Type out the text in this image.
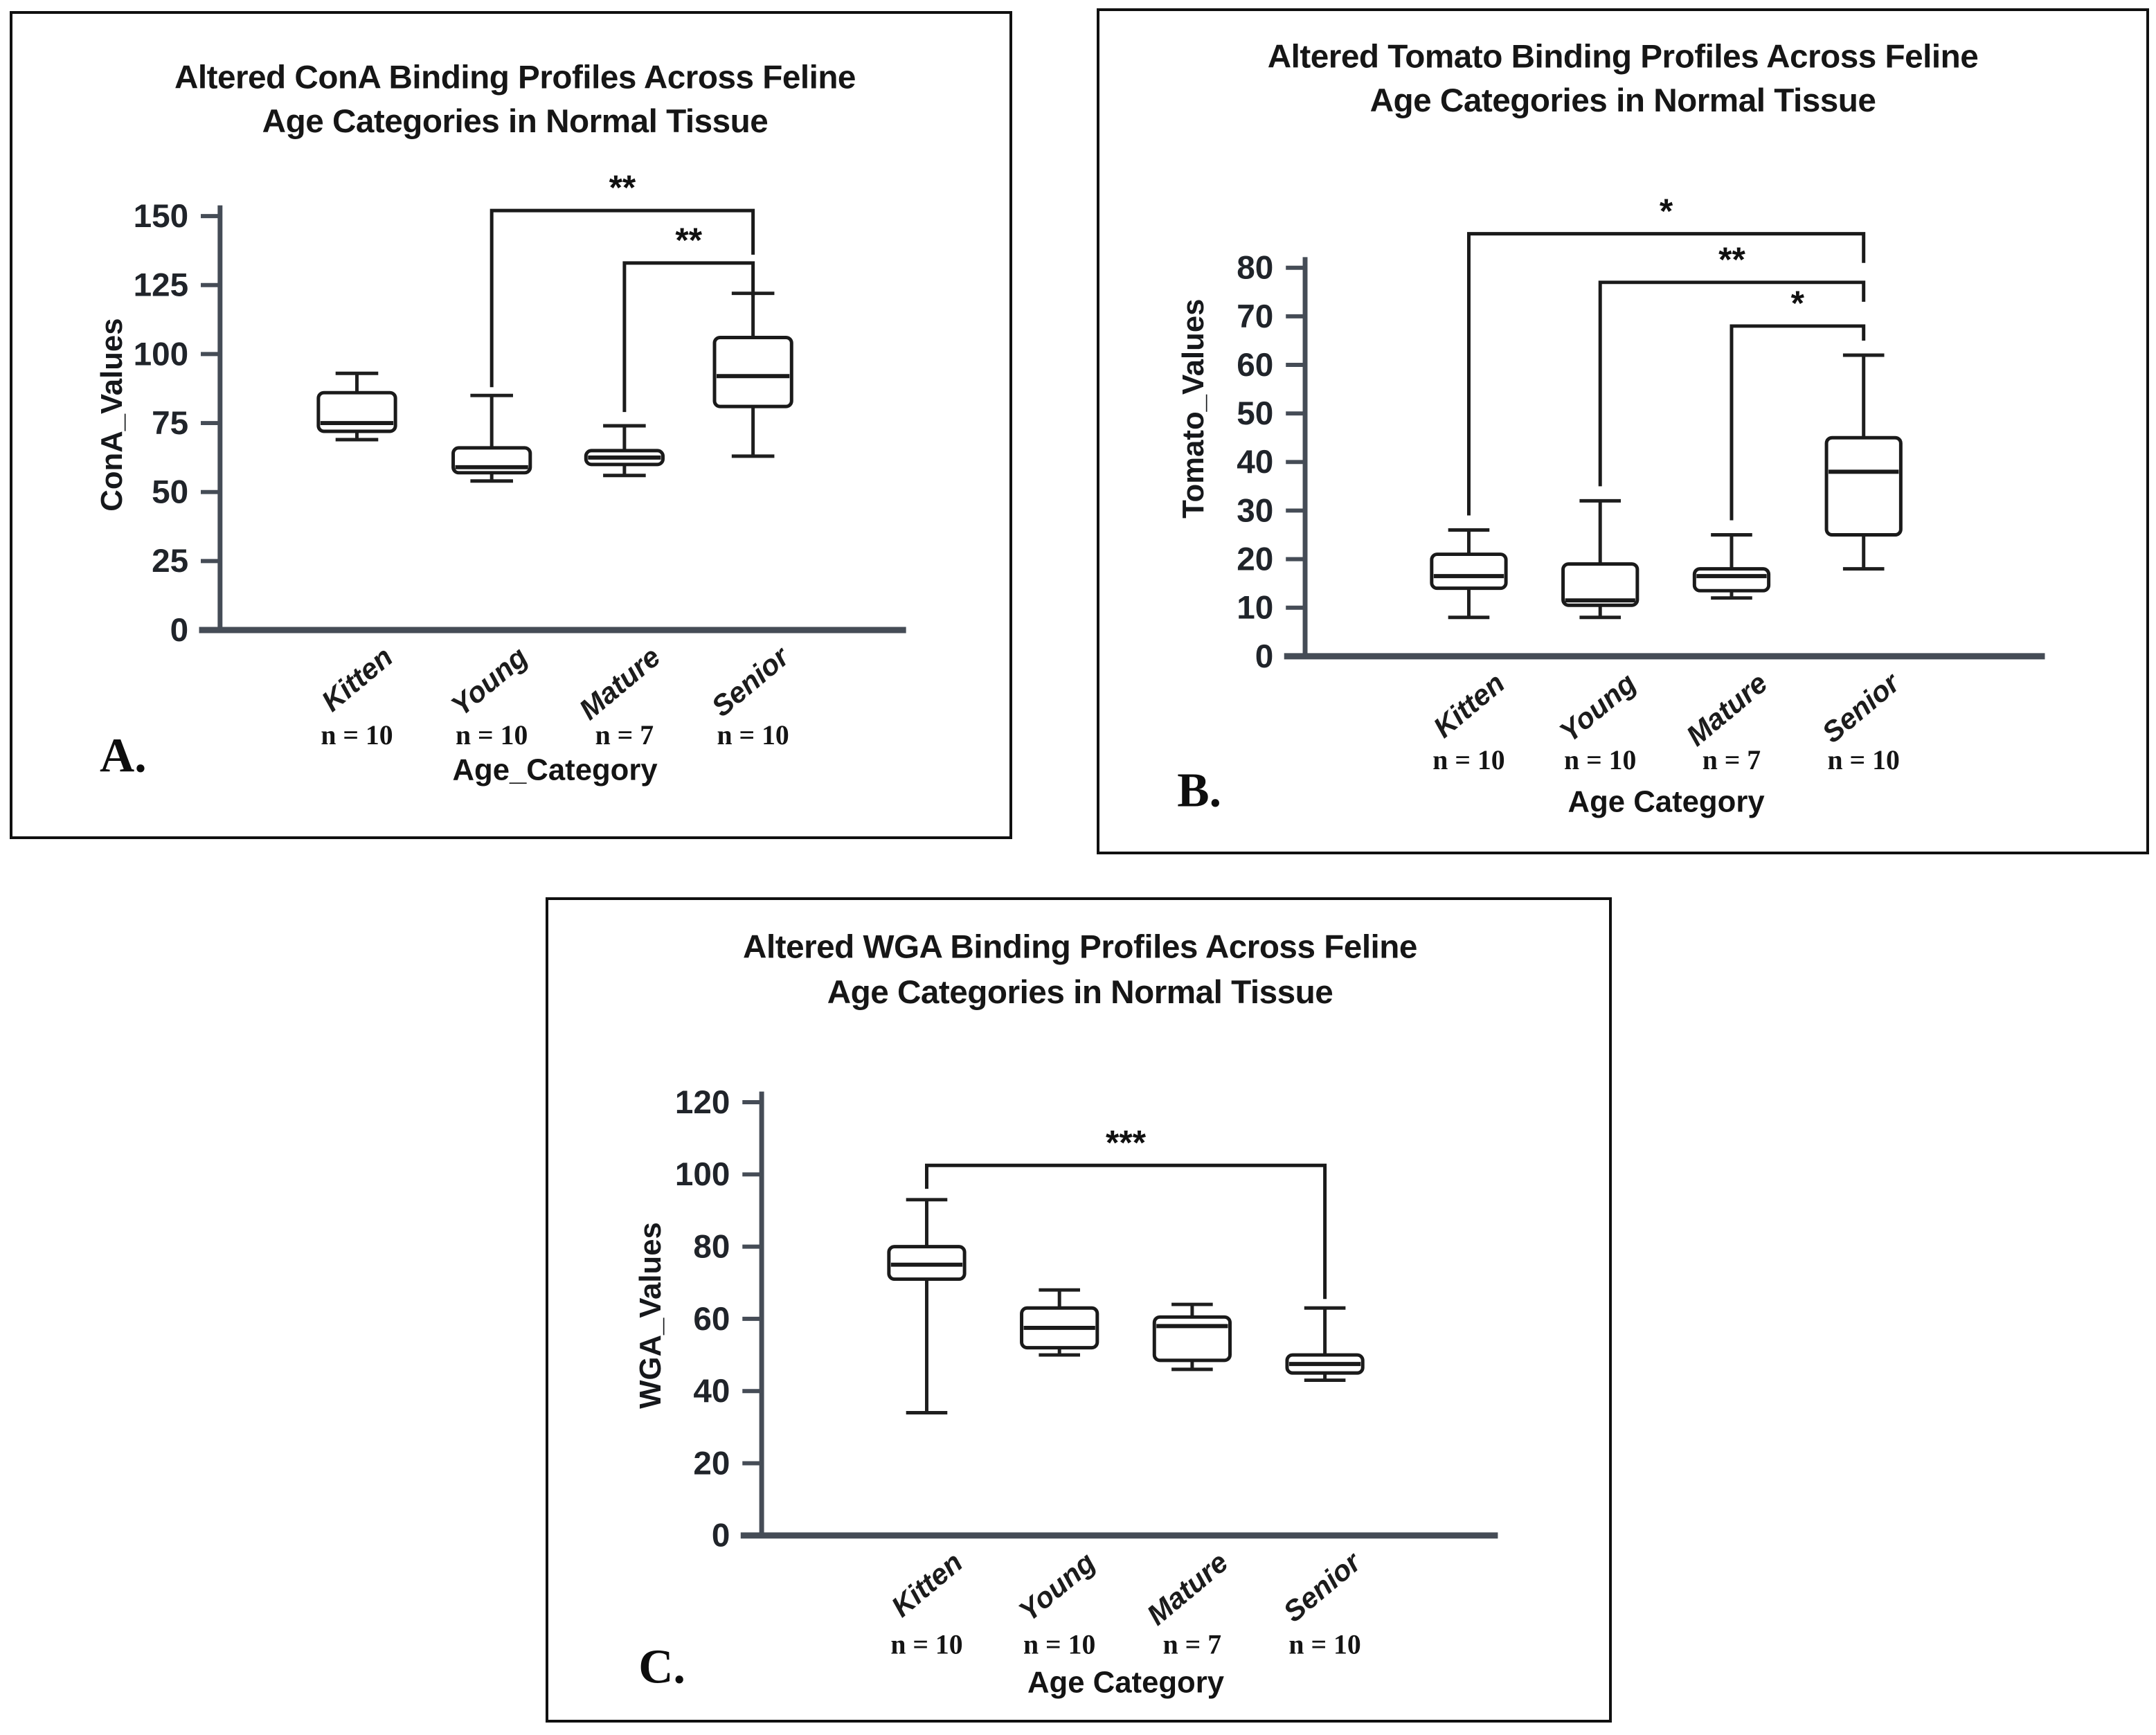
Altered ConA Binding Profiles Across Feline
Age Categories in Normal Tissue
0
25
50
75
100
125
150
ConA_Values
**
**
Kitten
n = 10
Young
n = 10
Mature
n = 7
Senior
n = 10
Age_Category
A.
Altered Tomato Binding Profiles Across Feline
Age Categories in Normal Tissue
0
10
20
30
40
50
60
70
80
Tomato_Values
*
**
*
Kitten
n = 10
Young
n = 10
Mature
n = 7
Senior
n = 10
Age Category
B.
Altered WGA Binding Profiles Across Feline
Age Categories in Normal Tissue
0
20
40
60
80
100
120
WGA_Values
***
Kitten
n = 10
Young
n = 10
Mature
n = 7
Senior
n = 10
Age Category
C.
